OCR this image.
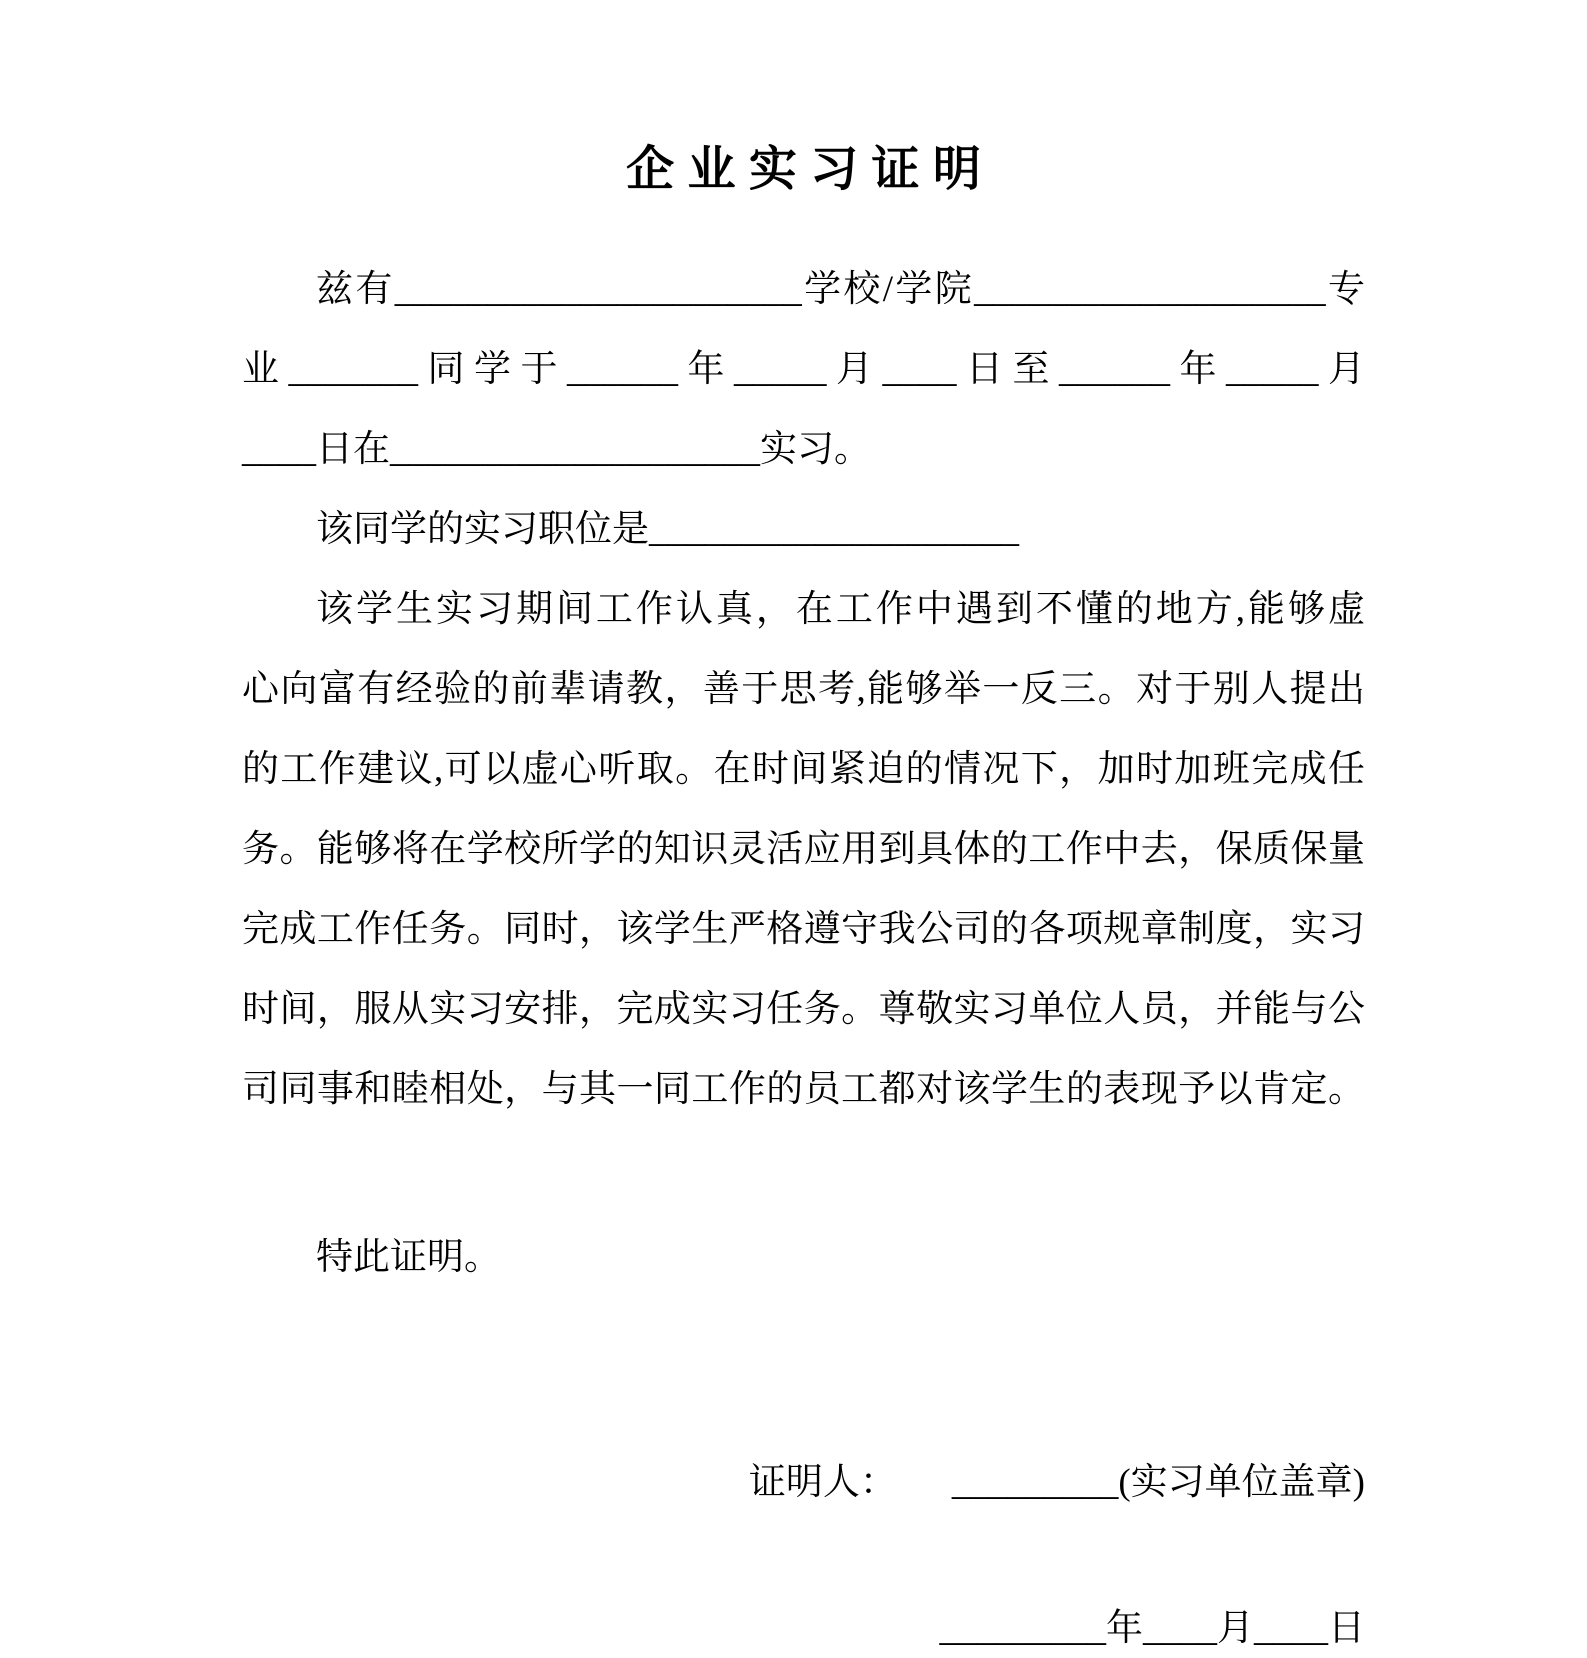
企 业 实 习 证 明
兹有______________________学校/学院___________________专
业_______同学于______年_____月____日至______年_____月
____日在____________________实习。
该同学的实习职位是____________________
该学生实习期间工作认真，在工作中遇到不懂的地方,能够虚
心向富有经验的前辈请教，善于思考,能够举一反三。对于别人提出
的工作建议,可以虚心听取。在时间紧迫的情况下，加时加班完成任
务。能够将在学校所学的知识灵活应用到具体的工作中去，保质保量
完成工作任务。同时，该学生严格遵守我公司的各项规章制度，实习
时间，服从实习安排，完成实习任务。尊敬实习单位人员，并能与公
司同事和睦相处，与其一同工作的员工都对该学生的表现予以肯定。
特此证明。
证明人： _________(实习单位盖章)
_________年____月____日
